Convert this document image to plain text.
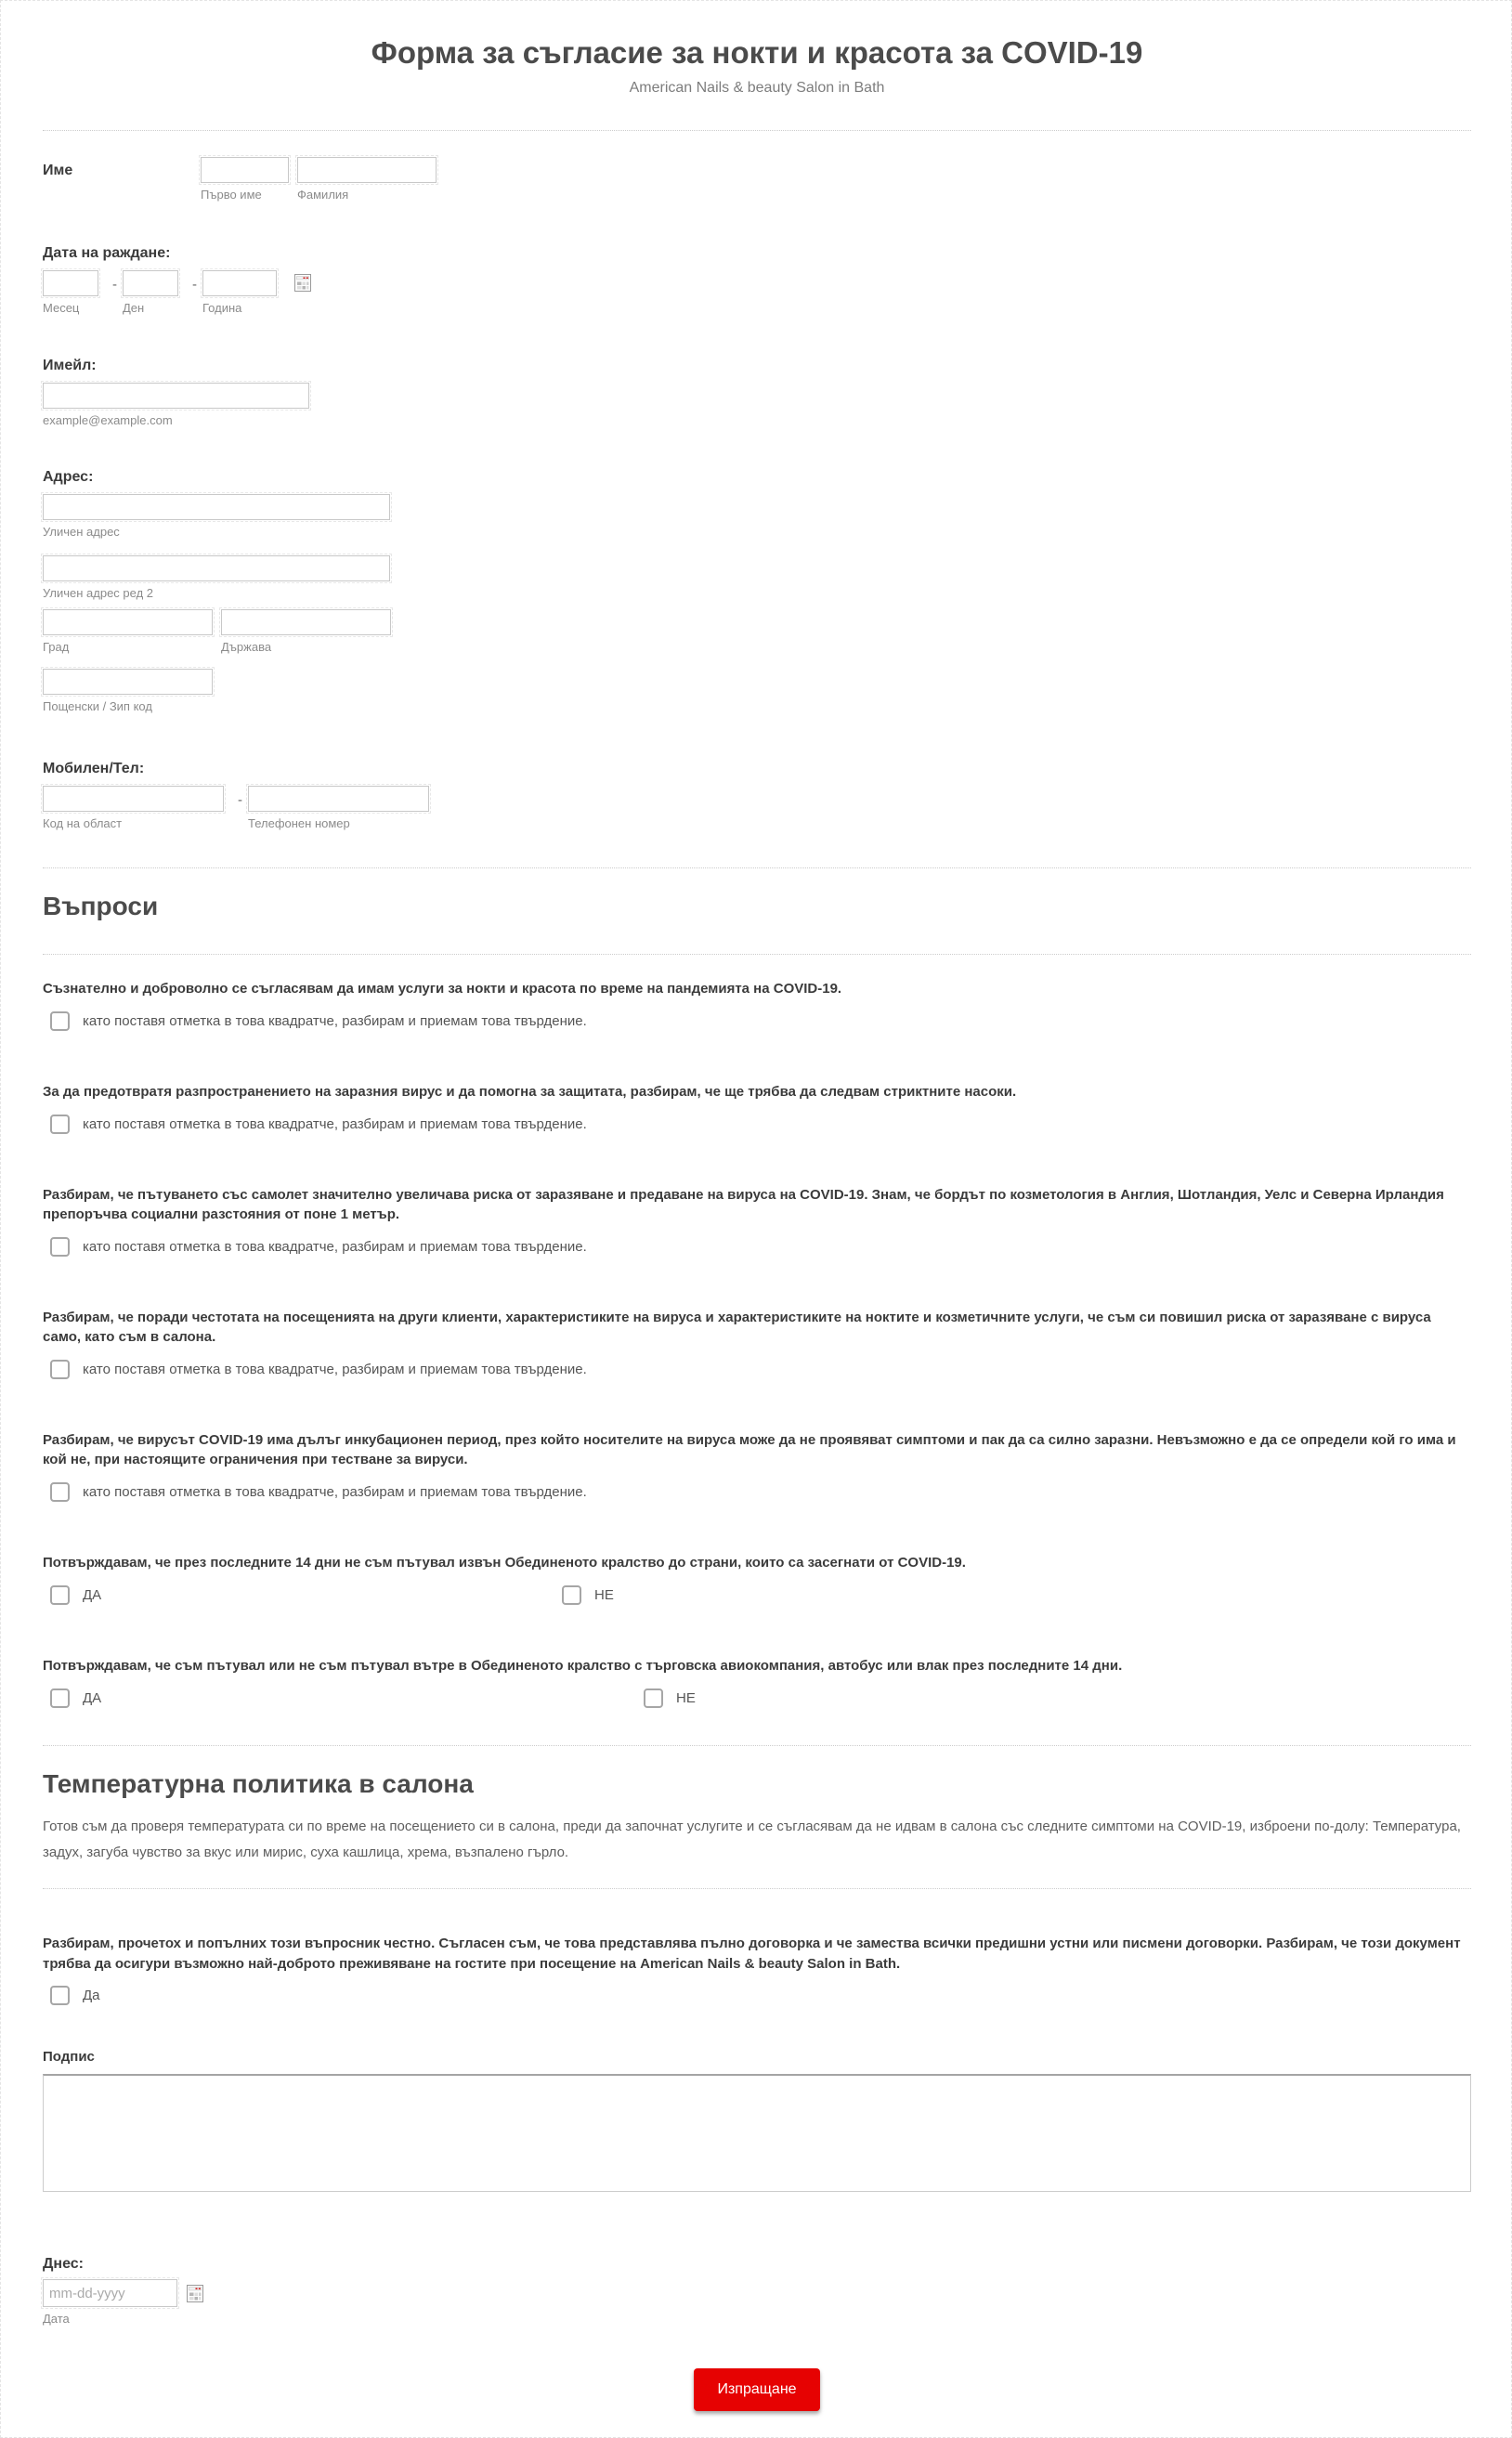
Форма за съгласие за нокти и красота за COVID-19
American Nails & beauty Salon in Bath
Име
Първо име	Фамилия
Дата на раждане:
Месец
-
Ден
-
Година
Имейл:
example@example.com
Адрес:
Уличен адрес
Уличен адрес ред 2
Град	Държава
Пощенски / Зип код
Мобилен/Тел:
Код на област
-
Телефонен номер
Въпроси
Съзнателно и доброволно се съгласявам да имам услуги за нокти и красота по време на пандемията на COVID-19.
като поставя отметка в това квадратче, разбирам и приемам това твърдение.
За да предотвратя разпространението на заразния вирус и да помогна за защитата, разбирам, че ще трябва да следвам стриктните насоки.
като поставя отметка в това квадратче, разбирам и приемам това твърдение.
Разбирам, че пътуването със самолет значително увеличава риска от заразяване и предаване на вируса на COVID-19. Знам, че бордът по козметология в Англия, Шотландия, Уелс и Северна Ирландия препоръчва социални разстояния от поне 1 метър.
като поставя отметка в това квадратче, разбирам и приемам това твърдение.
Разбирам, че поради честотата на посещенията на други клиенти, характеристиките на вируса и характеристиките на ноктите и козметичните услуги, че съм си повишил риска от заразяване с вируса само, като съм в салона.
като поставя отметка в това квадратче, разбирам и приемам това твърдение.
Разбирам, че вирусът COVID-19 има дълъг инкубационен период, през който носителите на вируса може да не проявяват симптоми и пак да са силно заразни. Невъзможно е да се определи кой го има и кой не, при настоящите ограничения при тестване за вируси.
като поставя отметка в това квадратче, разбирам и приемам това твърдение.
Потвърждавам, че през последните 14 дни не съм пътувал извън Обединеното кралство до страни, които са засегнати от COVID-19.
ДА	НЕ
Потвърждавам, че съм пътувал или не съм пътувал вътре в Обединеното кралство с търговска авиокомпания, автобус или влак през последните 14 дни.
ДА	НЕ
Температурна политика в салона
Готов съм да проверя температурата си по време на посещението си в салона, преди да започнат услугите и се съгласявам да не идвам в салона със следните симптоми на COVID-19, изброени по-долу: Температура, задух, загуба чувство за вкус или мирис, суха кашлица, хрема, възпалено гърло.
Разбирам, прочетох и попълних този въпросник честно. Съгласен съм, че това представлява пълно договорка и че замества всички предишни устни или писмени договорки. Разбирам, че този документ трябва да осигури възможно най-доброто преживяване на гостите при посещение на American Nails & beauty Salon in Bath.
Да
Подпис
Днес:
mm-dd-yyyy
Дата
Изпращане
